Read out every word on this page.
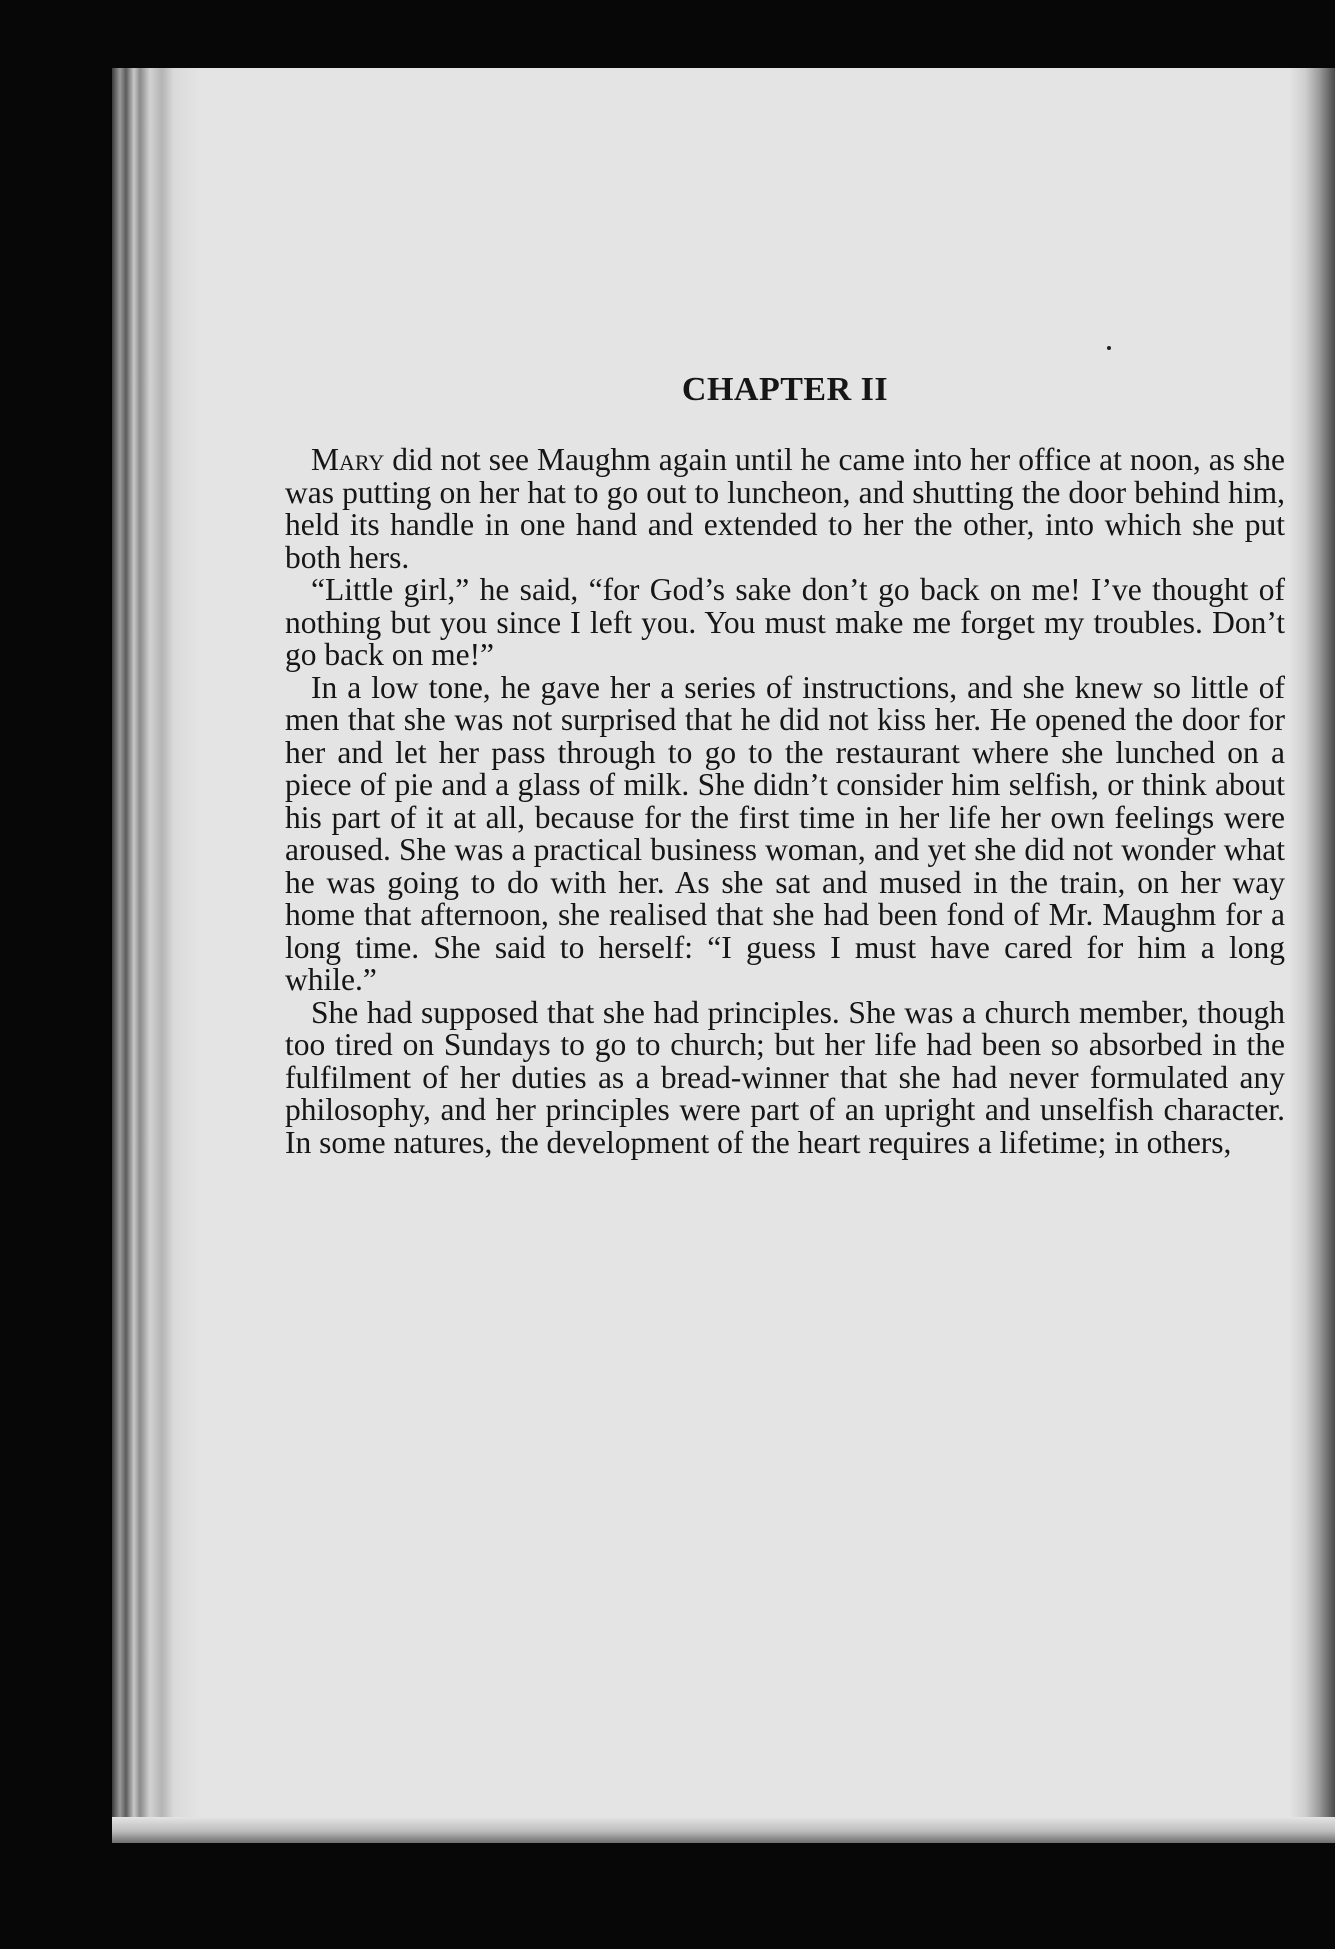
CHAPTER II

Mary did not see Maughm again until he came into her office at noon, as she was putting on her hat to go out to luncheon, and shutting the door behind him, held its handle in one hand and extended to her the other, into which she put both hers.

“Little girl,” he said, “for God’s sake don’t go back on me! I’ve thought of nothing but you since I left you. You must make me forget my troubles. Don’t go back on me!”

In a low tone, he gave her a series of instructions, and she knew so little of men that she was not surprised that he did not kiss her. He opened the door for her and let her pass through to go to the restaurant where she lunched on a piece of pie and a glass of milk. She didn’t consider him selfish, or think about his part of it at all, because for the first time in her life her own feelings were aroused. She was a practical business woman, and yet she did not wonder what he was going to do with her. As she sat and mused in the train, on her way home that afternoon, she realised that she had been fond of Mr. Maughm for a long time. She said to herself: “I guess I must have cared for him a long while.”

She had supposed that she had principles. She was a church member, though too tired on Sundays to go to church; but her life had been so absorbed in the fulfilment of her duties as a bread-winner that she had never formulated any philosophy, and her principles were part of an upright and unselfish character. In some natures, the development of the heart requires a lifetime; in others,
